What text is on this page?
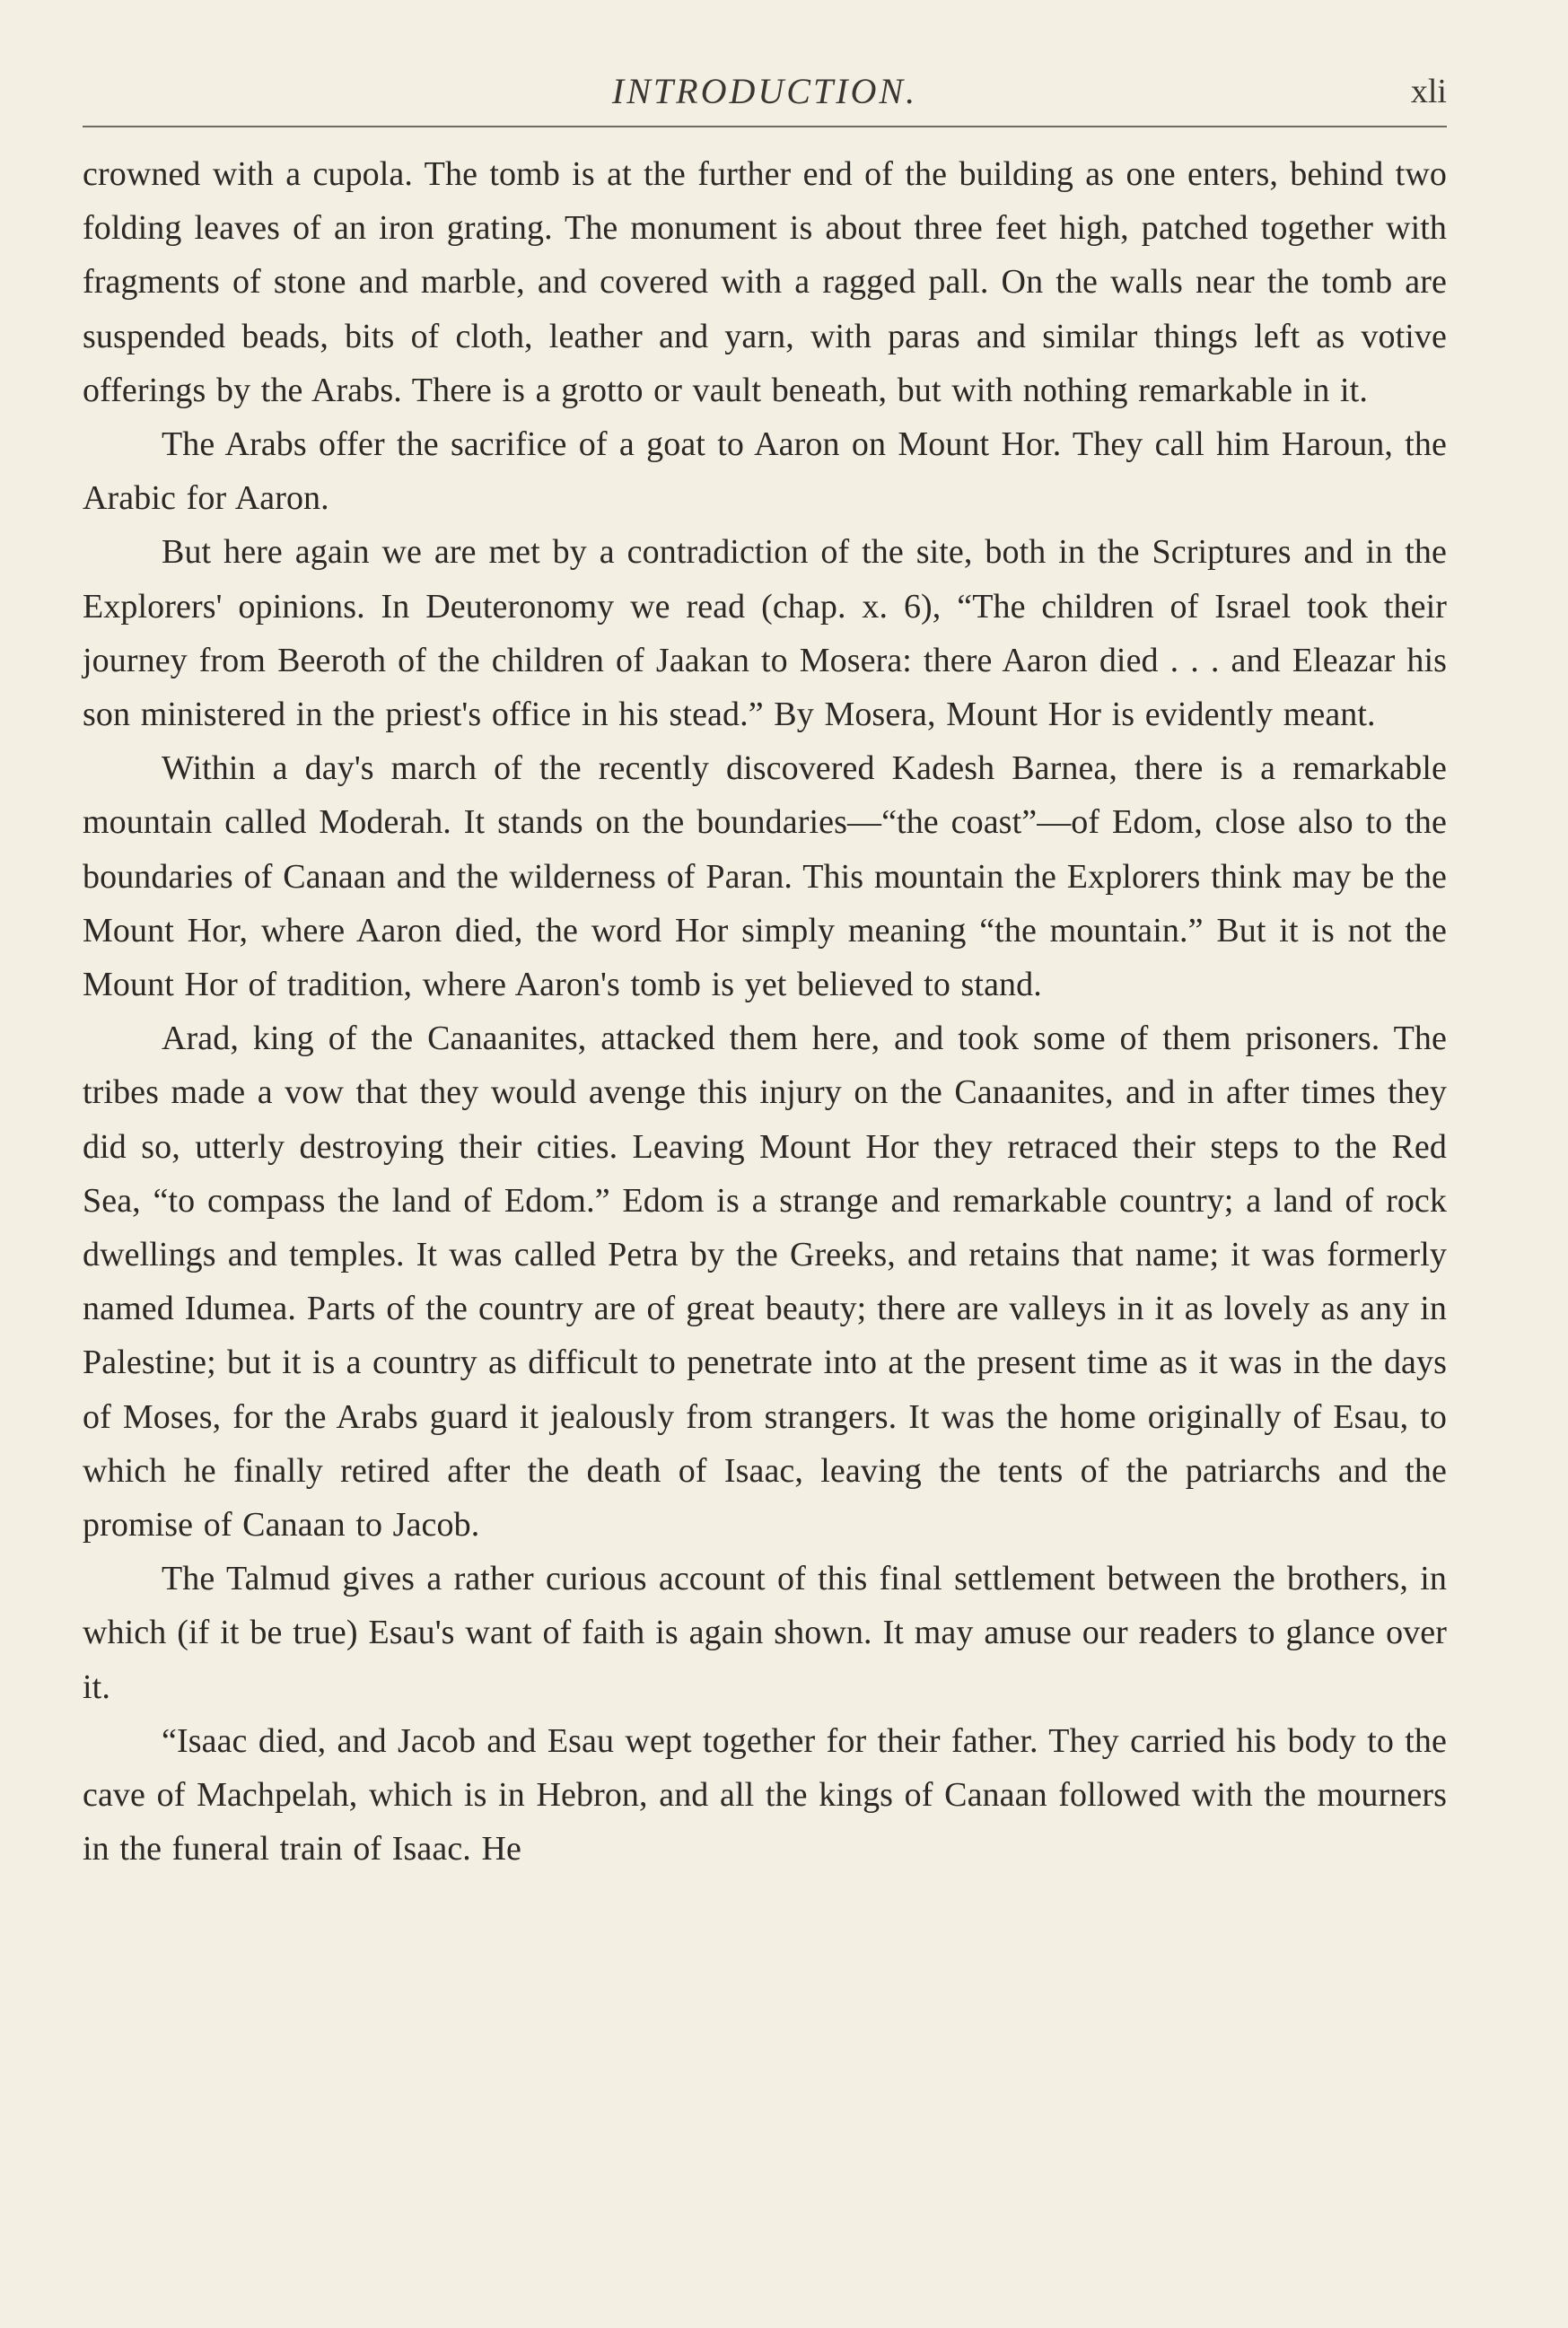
INTRODUCTION.	xli

crowned with a cupola. The tomb is at the further end of the building as one enters, behind two folding leaves of an iron grating. The monument is about three feet high, patched together with fragments of stone and marble, and covered with a ragged pall. On the walls near the tomb are suspended beads, bits of cloth, leather and yarn, with paras and similar things left as votive offerings by the Arabs. There is a grotto or vault beneath, but with nothing remarkable in it.

The Arabs offer the sacrifice of a goat to Aaron on Mount Hor. They call him Haroun, the Arabic for Aaron.

But here again we are met by a contradiction of the site, both in the Scriptures and in the Explorers' opinions. In Deuteronomy we read (chap. x. 6), “The children of Israel took their journey from Beeroth of the children of Jaakan to Mosera: there Aaron died . . . and Eleazar his son ministered in the priest's office in his stead.” By Mosera, Mount Hor is evidently meant.

Within a day's march of the recently discovered Kadesh Barnea, there is a remarkable mountain called Moderah. It stands on the boundaries—“the coast”—of Edom, close also to the boundaries of Canaan and the wilderness of Paran. This mountain the Explorers think may be the Mount Hor, where Aaron died, the word Hor simply meaning “the mountain.” But it is not the Mount Hor of tradition, where Aaron's tomb is yet believed to stand.

Arad, king of the Canaanites, attacked them here, and took some of them prisoners. The tribes made a vow that they would avenge this injury on the Canaanites, and in after times they did so, utterly destroying their cities. Leaving Mount Hor they retraced their steps to the Red Sea, “to compass the land of Edom.” Edom is a strange and remarkable country; a land of rock dwellings and temples. It was called Petra by the Greeks, and retains that name; it was formerly named Idumea. Parts of the country are of great beauty; there are valleys in it as lovely as any in Palestine; but it is a country as difficult to penetrate into at the present time as it was in the days of Moses, for the Arabs guard it jealously from strangers. It was the home originally of Esau, to which he finally retired after the death of Isaac, leaving the tents of the patriarchs and the promise of Canaan to Jacob.

The Talmud gives a rather curious account of this final settlement between the brothers, in which (if it be true) Esau's want of faith is again shown. It may amuse our readers to glance over it.

“Isaac died, and Jacob and Esau wept together for their father. They carried his body to the cave of Machpelah, which is in Hebron, and all the kings of Canaan followed with the mourners in the funeral train of Isaac. He
